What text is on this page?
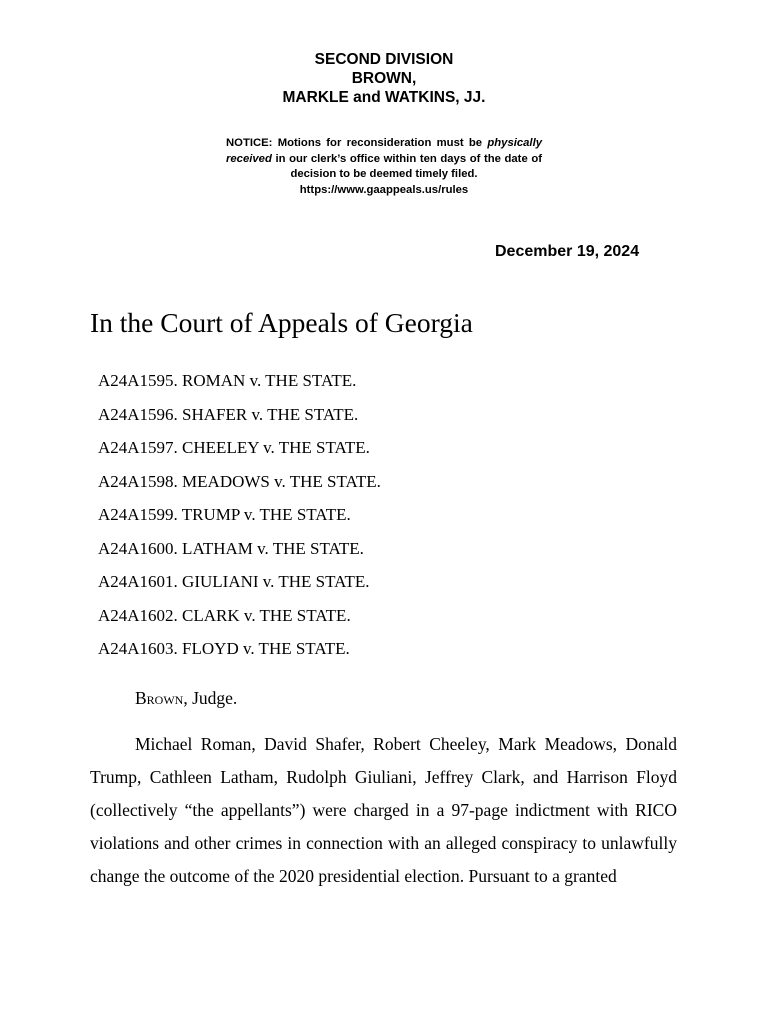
SECOND DIVISION
BROWN,
MARKLE and WATKINS, JJ.
NOTICE: Motions for reconsideration must be physically received in our clerk’s office within ten days of the date of decision to be deemed timely filed.
https://www.gaappeals.us/rules
December 19, 2024
In the Court of Appeals of Georgia
A24A1595. ROMAN v. THE STATE.
A24A1596. SHAFER v. THE STATE.
A24A1597. CHEELEY v. THE STATE.
A24A1598. MEADOWS v. THE STATE.
A24A1599. TRUMP v. THE STATE.
A24A1600. LATHAM v. THE STATE.
A24A1601. GIULIANI v. THE STATE.
A24A1602. CLARK v. THE STATE.
A24A1603. FLOYD v. THE STATE.
Brown, Judge.

Michael Roman, David Shafer, Robert Cheeley, Mark Meadows, Donald Trump, Cathleen Latham, Rudolph Giuliani, Jeffrey Clark, and Harrison Floyd (collectively “the appellants”) were charged in a 97-page indictment with RICO violations and other crimes in connection with an alleged conspiracy to unlawfully change the outcome of the 2020 presidential election. Pursuant to a granted
